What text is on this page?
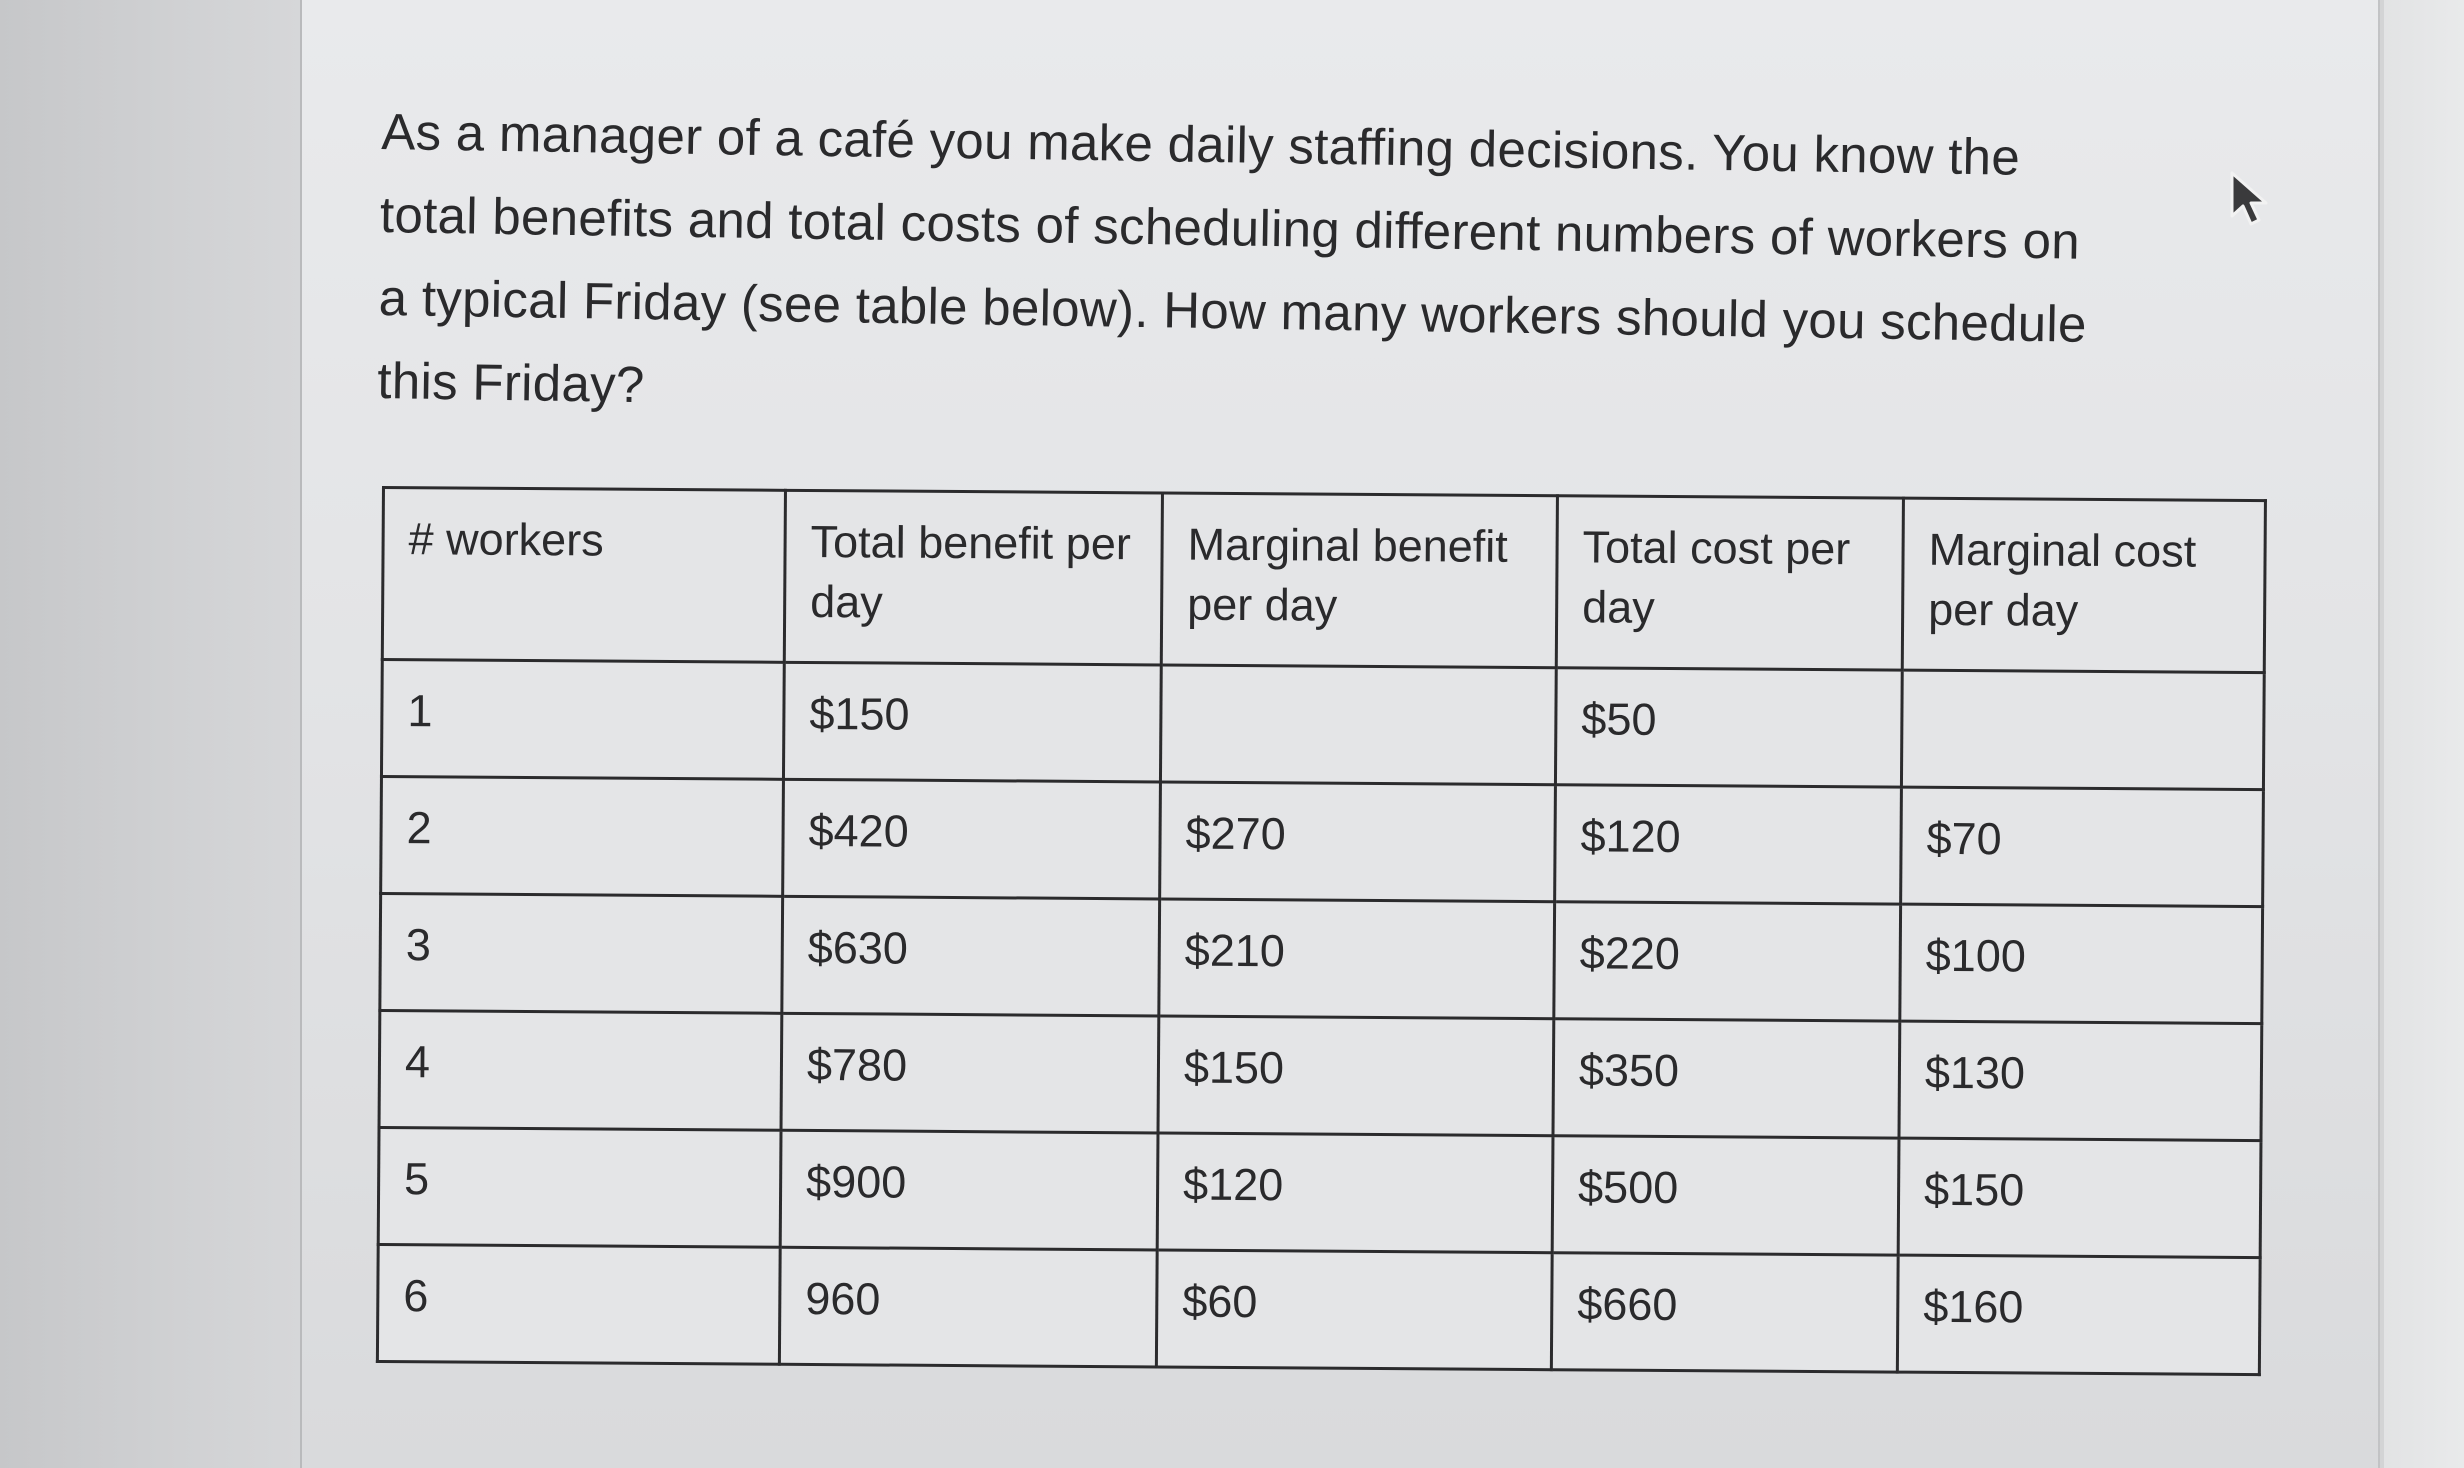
As a manager of a café you make daily staffing decisions. You know the total benefits and total costs of scheduling different numbers of workers on a typical Friday (see table below). How many workers should you schedule this Friday?

# workers	Total benefit per day	Marginal benefit per day	Total cost per day	Marginal cost per day
1	$150		$50	
2	$420	$270	$120	$70
3	$630	$210	$220	$100
4	$780	$150	$350	$130
5	$900	$120	$500	$150
6	960	$60	$660	$160
